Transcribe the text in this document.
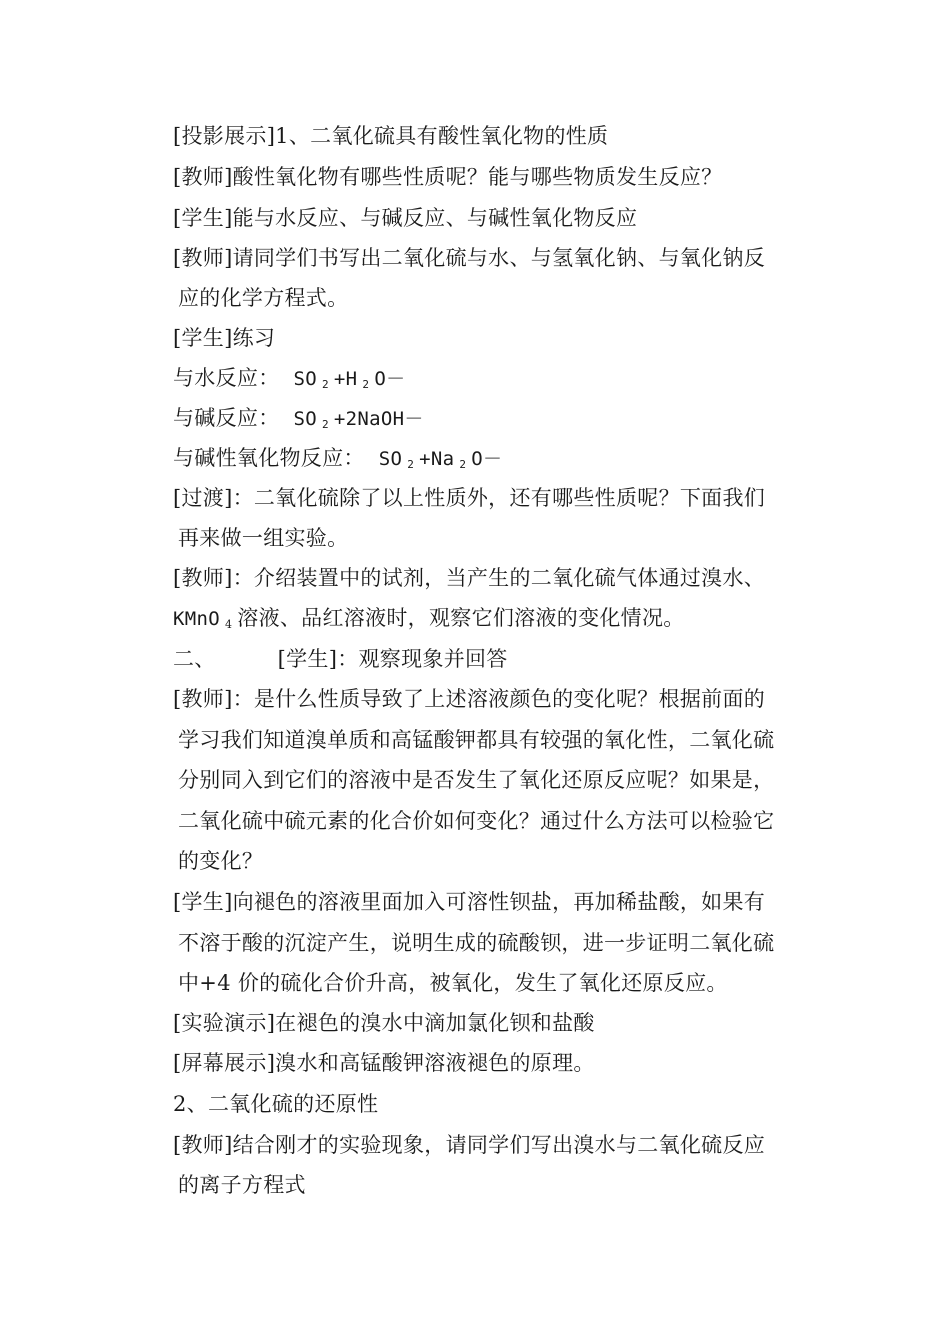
[投影展示]1、二氧化硫具有酸性氧化物的性质
[教师]酸性氧化物有哪些性质呢？能与哪些物质发生反应？
[学生]能与水反应、与碱反应、与碱性氧化物反应
[教师]请同学们书写出二氧化硫与水、与氢氧化钠、与氧化钠反
应的化学方程式。
[学生]练习
与水反应： SO $_2$ +H $_2$ O－
与碱反应： SO $_2$ +2NaOH－
与碱性氧化物反应： SO $_2$ +Na $_2$ O－
[过渡]：二氧化硫除了以上性质外，还有哪些性质呢？下面我们
再来做一组实验。
[教师]：介绍装置中的试剂，当产生的二氧化硫气体通过溴水、
KMnO $_4$ 溶液、品红溶液时，观察它们溶液的变化情况。
二、	[学生]：观察现象并回答
[教师]：是什么性质导致了上述溶液颜色的变化呢？根据前面的
学习我们知道溴单质和高锰酸钾都具有较强的氧化性，二氧化硫
分别同入到它们的溶液中是否发生了氧化还原反应呢？如果是，
二氧化硫中硫元素的化合价如何变化？通过什么方法可以检验它
的变化？
[学生]向褪色的溶液里面加入可溶性钡盐，再加稀盐酸，如果有
不溶于酸的沉淀产生，说明生成的硫酸钡，进一步证明二氧化硫
中+4 价的硫化合价升高，被氧化，发生了氧化还原反应。
[实验演示]在褪色的溴水中滴加氯化钡和盐酸
[屏幕展示]溴水和高锰酸钾溶液褪色的原理。
2、二氧化硫的还原性
[教师]结合刚才的实验现象，请同学们写出溴水与二氧化硫反应
的离子方程式
